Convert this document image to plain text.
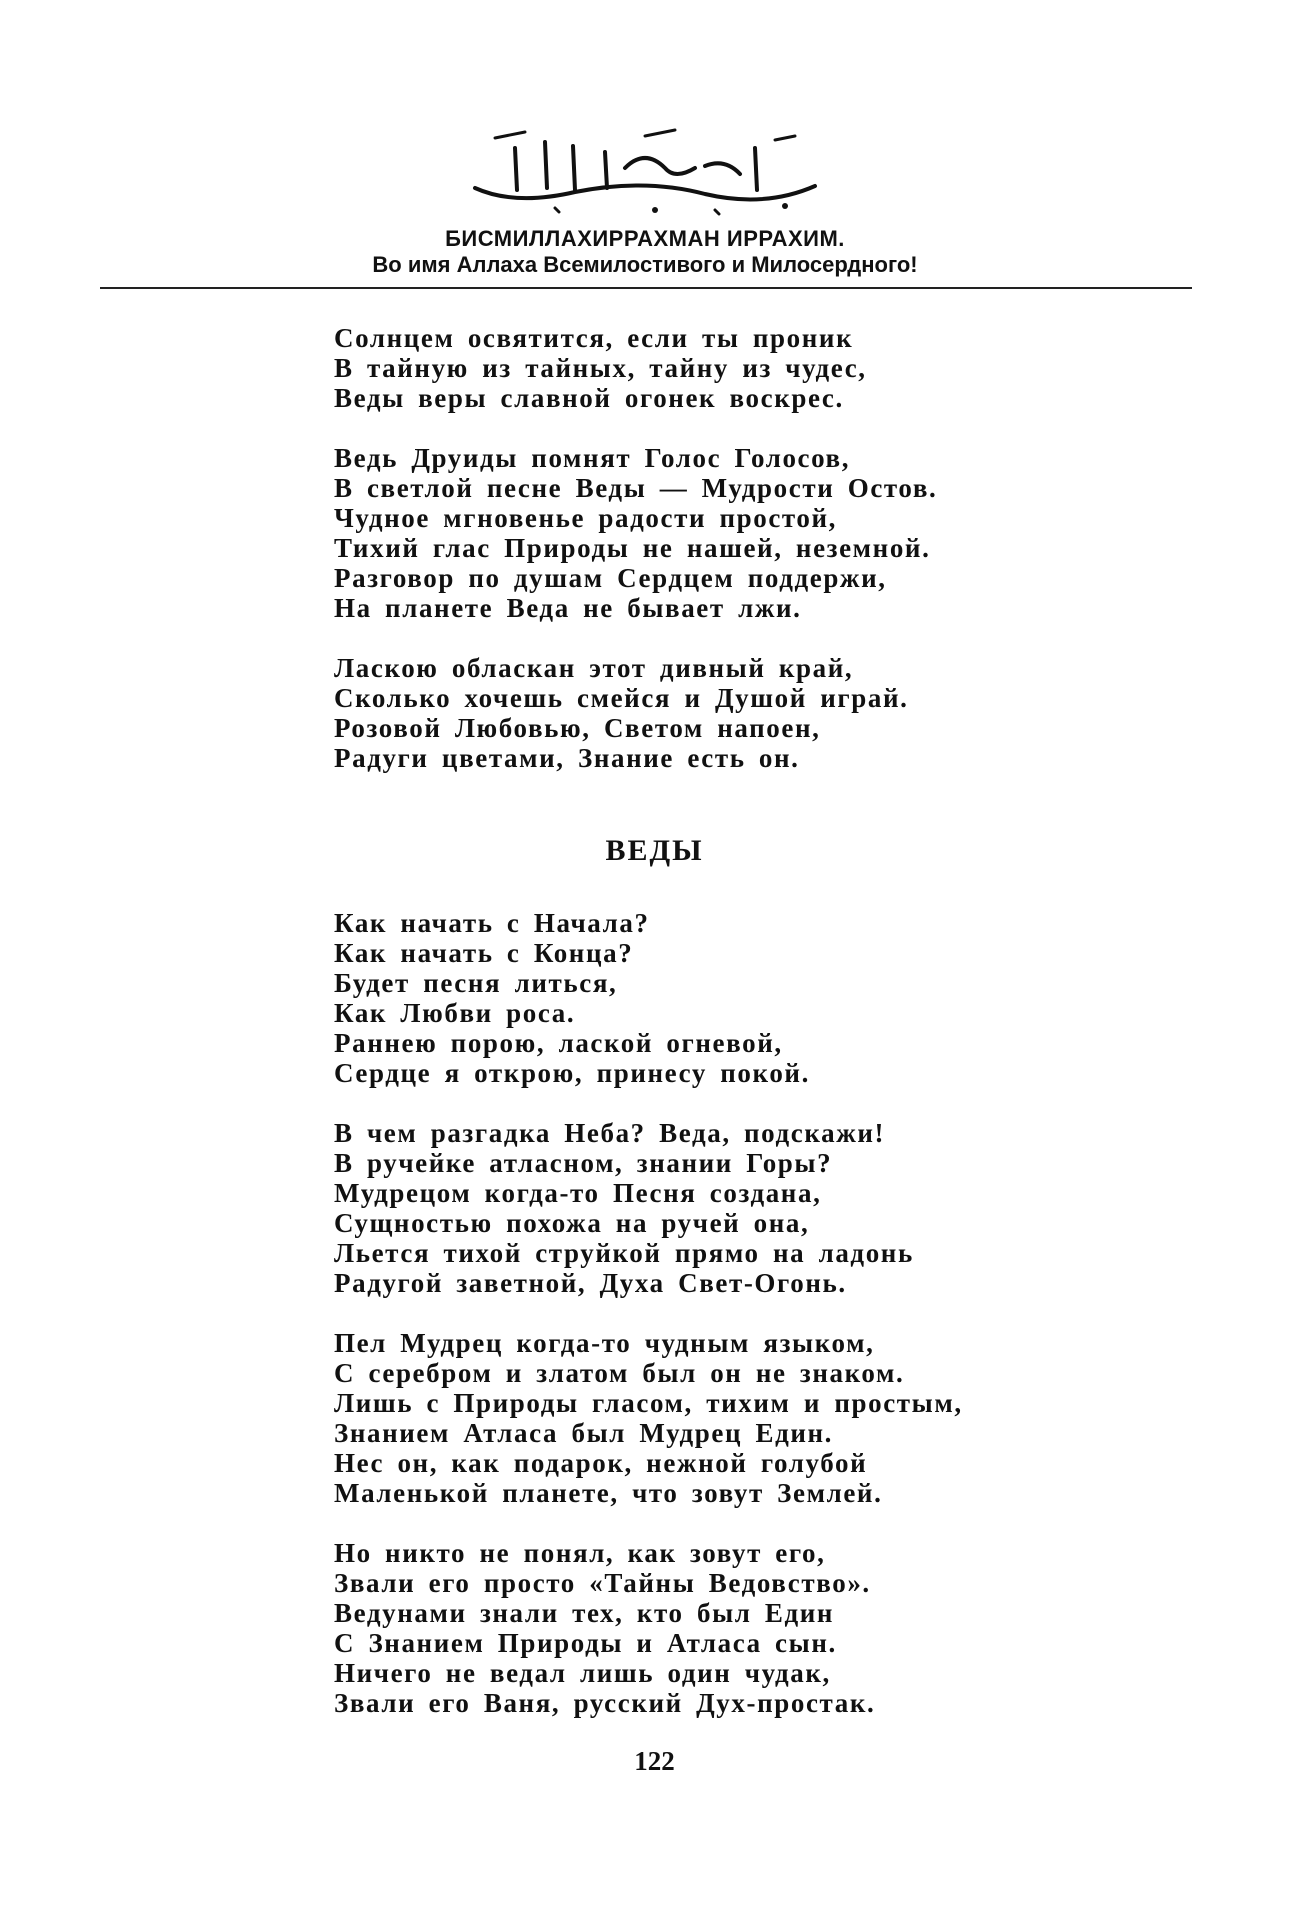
БИСМИЛЛАХИРРАХМАН ИРРАХИМ.
Во имя Аллаха Всемилостивого и Милосердного!

Солнцем освятится, если ты проник
В тайную из тайных, тайну из чудес,
Веды веры славной огонек воскрес.

Ведь Друиды помнят Голос Голосов,
В светлой песне Веды — Мудрости Остов.
Чудное мгновенье радости простой,
Тихий глас Природы не нашей, неземной.
Разговор по душам Сердцем поддержи,
На планете Веда не бывает лжи.

Ласкою обласкан этот дивный край,
Сколько хочешь смейся и Душой играй.
Розовой Любовью, Светом напоен,
Радуги цветами, Знание есть он.

ВЕДЫ

Как начать с Начала?
Как начать с Конца?
Будет песня литься,
Как Любви роса.
Раннею порою, лаской огневой,
Сердце я открою, принесу покой.

В чем разгадка Неба? Веда, подскажи!
В ручейке атласном, знании Горы?
Мудрецом когда-то Песня создана,
Сущностью похожа на ручей она,
Льется тихой струйкой прямо на ладонь
Радугой заветной, Духа Свет-Огонь.

Пел Мудрец когда-то чудным языком,
С серебром и златом был он не знаком.
Лишь с Природы гласом, тихим и простым,
Знанием Атласа был Мудрец Един.
Нес он, как подарок, нежной голубой
Маленькой планете, что зовут Землей.

Но никто не понял, как зовут его,
Звали его просто «Тайны Ведовство».
Ведунами знали тех, кто был Един
С Знанием Природы и Атласа сын.
Ничего не ведал лишь один чудак,
Звали его Ваня, русский Дух-простак.

122
